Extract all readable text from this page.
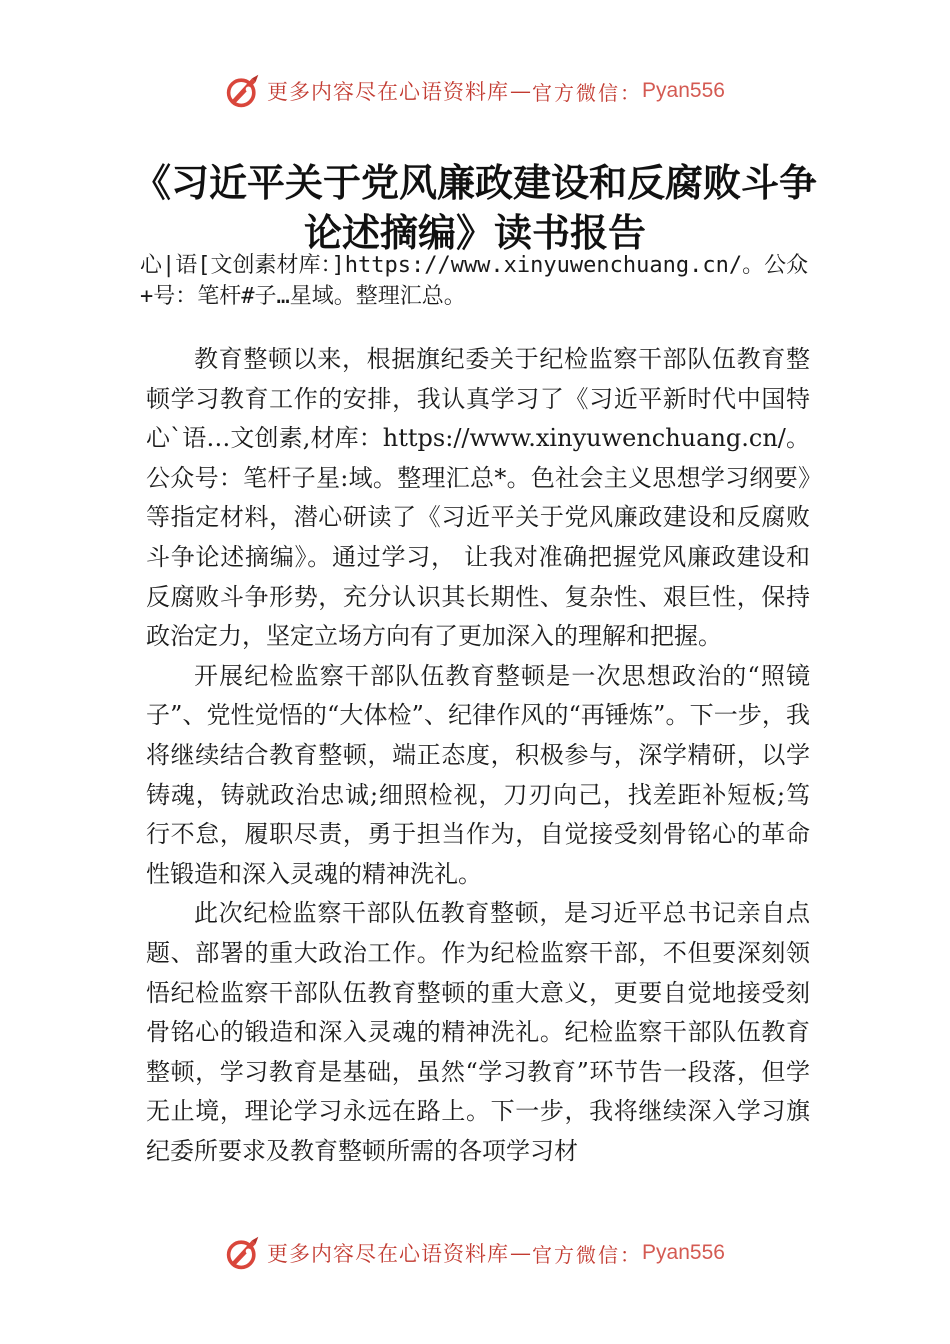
更多内容尽在心语资料库 — 官方微信： Pyan556
《习近平关于党风廉政建设和反腐败斗争
论述摘编》读书报告
心|语[文创素材库：]https://www.xinyuwenchuang.cn/。公众+号：笔杆#子…星域。整理汇总。

教育整顿以来，根据旗纪委关于纪检监察干部队伍教育整顿学习教育工作的安排，我认真学习了《习近平新时代中国特心`语…文创素,材库：https://www.xinyuwenchuang.cn/。公众号：笔杆子星:域。整理汇总*。色社会主义思想学习纲要》等指定材料，潜心研读了《习近平关于党风廉政建设和反腐败斗争论述摘编》。通过学习， 让我对准确把握党风廉政建设和反腐败斗争形势，充分认识其长期性、复杂性、艰巨性，保持政治定力，坚定立场方向有了更加深入的理解和把握。

开展纪检监察干部队伍教育整顿是一次思想政治的“照镜子”、党性觉悟的“大体检”、纪律作风的“再锤炼”。下一步，我将继续结合教育整顿，端正态度，积极参与，深学精研，以学铸魂，铸就政治忠诚;细照检视，刀刃向己，找差距补短板;笃行不怠，履职尽责，勇于担当作为，自觉接受刻骨铭心的革命性锻造和深入灵魂的精神洗礼。

此次纪检监察干部队伍教育整顿，是习近平总书记亲自点题、部署的重大政治工作。作为纪检监察干部，不但要深刻领悟纪检监察干部队伍教育整顿的重大意义，更要自觉地接受刻骨铭心的锻造和深入灵魂的精神洗礼。纪检监察干部队伍教育整顿，学习教育是基础，虽然“学习教育”环节告一段落，但学无止境，理论学习永远在路上。下一步，我将继续深入学习旗纪委所要求及教育整顿所需的各项学习材

更多内容尽在心语资料库 — 官方微信： Pyan556
